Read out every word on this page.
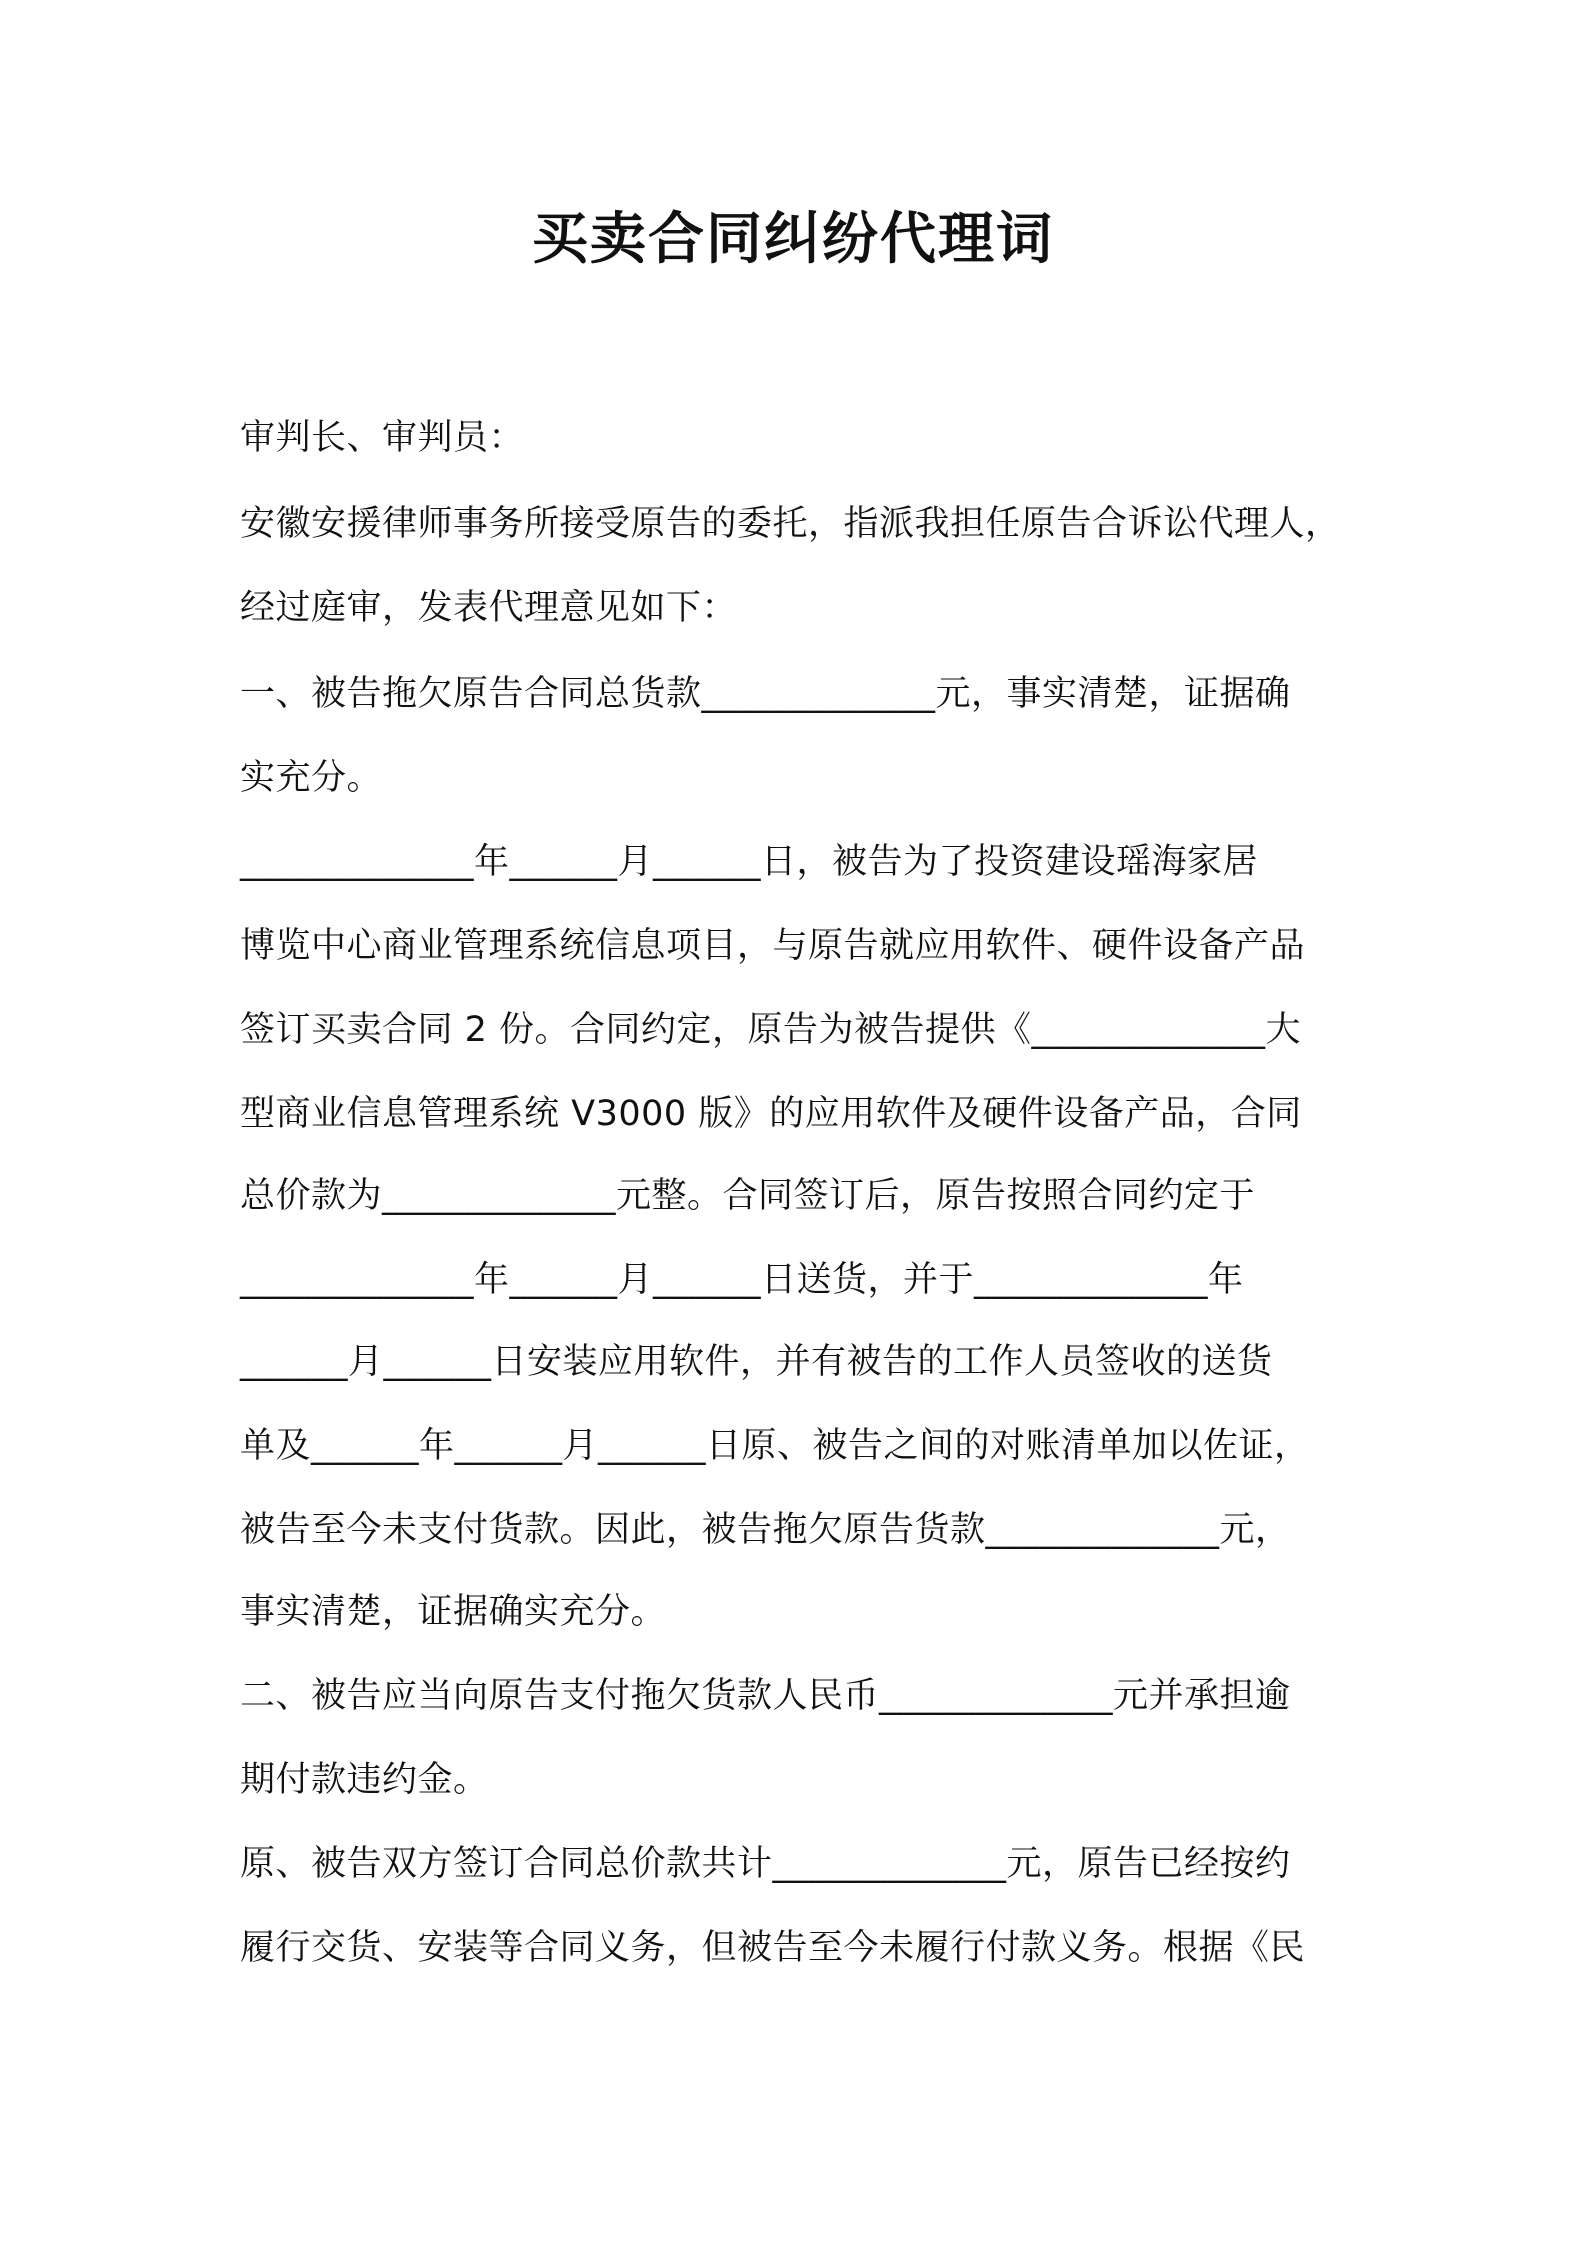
买卖合同纠纷代理词
审判长、审判员：
安徽安援律师事务所接受原告的委托，指派我担任原告合诉讼代理人，
经过庭审，发表代理意见如下：
一、被告拖欠原告合同总货款_____________元，事实清楚，证据确
实充分。
_____________年______月______日，被告为了投资建设瑶海家居
博览中心商业管理系统信息项目，与原告就应用软件、硬件设备产品
签订买卖合同 2 份。合同约定，原告为被告提供《_____________大
型商业信息管理系统 V3000 版》的应用软件及硬件设备产品，合同
总价款为_____________元整。合同签订后，原告按照合同约定于
_____________年______月______日送货，并于_____________年
______月______日安装应用软件，并有被告的工作人员签收的送货
单及______年______月______日原、被告之间的对账清单加以佐证，
被告至今未支付货款。因此，被告拖欠原告货款_____________元，
事实清楚，证据确实充分。
二、被告应当向原告支付拖欠货款人民币_____________元并承担逾
期付款违约金。
原、被告双方签订合同总价款共计_____________元，原告已经按约
履行交货、安装等合同义务，但被告至今未履行付款义务。根据《民
